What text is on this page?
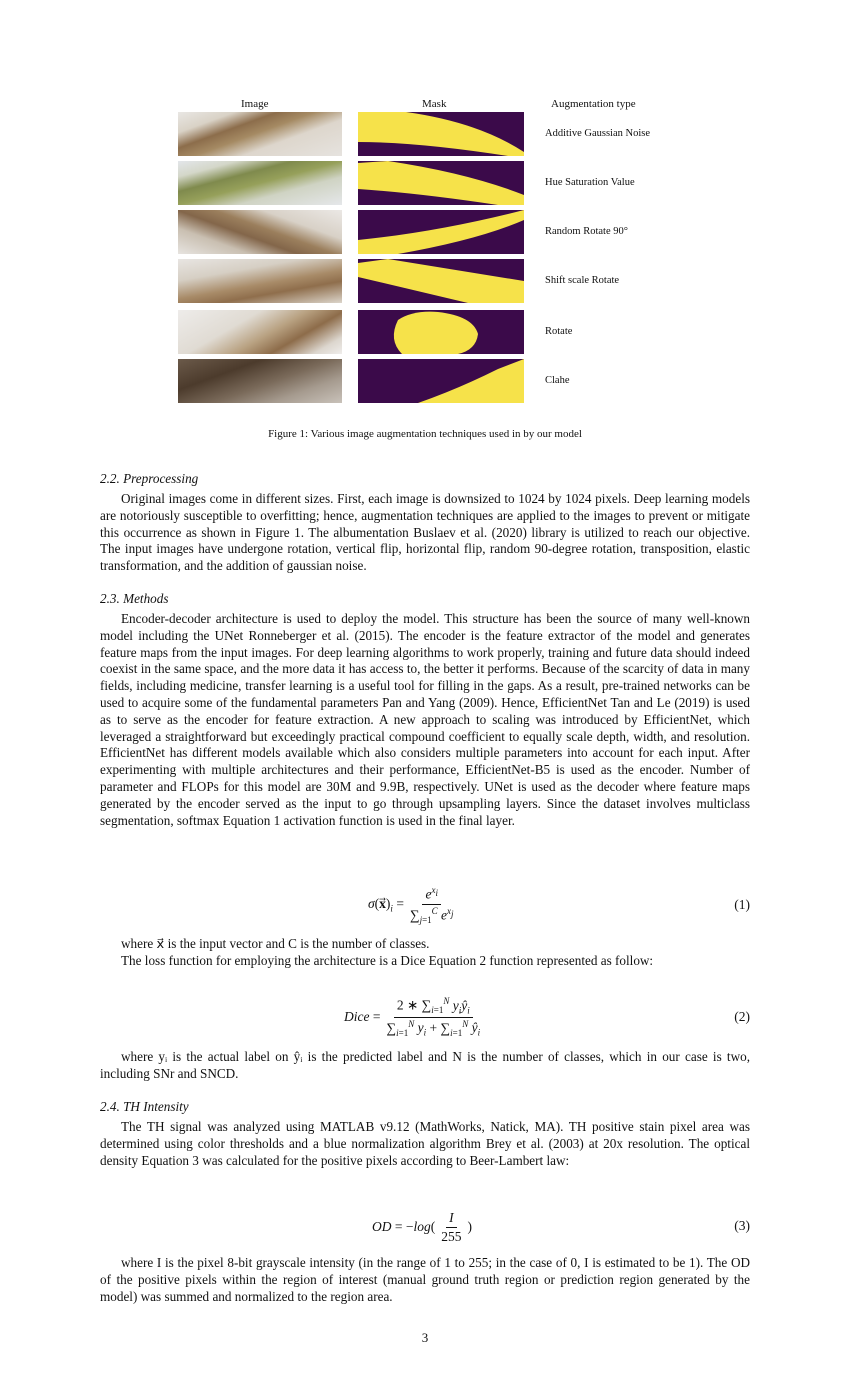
Image	Mask	Augmentation type
Additive Gaussian Noise
Hue Saturation Value
Random Rotate 90°
Shift scale Rotate
Rotate
Clahe
Figure 1: Various image augmentation techniques used in by our model
2.2. Preprocessing
Original images come in different sizes. First, each image is downsized to 1024 by 1024 pixels. Deep learning models are notoriously susceptible to overfitting; hence, augmentation techniques are applied to the images to prevent or mitigate this occurrence as shown in Figure 1. The albumentation Buslaev et al. (2020) library is utilized to reach our objective. The input images have undergone rotation, vertical flip, horizontal flip, random 90-degree rotation, transposition, elastic transformation, and the addition of gaussian noise.
2.3. Methods
Encoder-decoder architecture is used to deploy the model. This structure has been the source of many well-known model including the UNet Ronneberger et al. (2015). The encoder is the feature extractor of the model and generates feature maps from the input images. For deep learning algorithms to work properly, training and future data should indeed coexist in the same space, and the more data it has access to, the better it performs. Because of the scarcity of data in many fields, including medicine, transfer learning is a useful tool for filling in the gaps. As a result, pre-trained networks can be used to acquire some of the fundamental parameters Pan and Yang (2009). Hence, EfficientNet Tan and Le (2019) is used as to serve as the encoder for feature extraction. A new approach to scaling was introduced by EfficientNet, which leveraged a straightforward but exceedingly practical compound coefficient to equally scale depth, width, and resolution. EfficientNet has different models available which also considers multiple parameters into account for each input. After experimenting with multiple architectures and their performance, EfficientNet-B5 is used as the encoder. Number of parameter and FLOPs for this model are 30M and 9.9B, respectively. UNet is used as the decoder where feature maps generated by the encoder served as the input to go through upsampling layers. Since the dataset involves multiclass segmentation, softmax Equation 1 activation function is used in the final layer.
$\sigma(x⃗)_i = \frac{e^{x_i}}{\sum_{j=1}^C e^{x_j}}$	(1)
where x⃗ is the input vector and C is the number of classes.
The loss function for employing the architecture is a Dice Equation 2 function represented as follow:
Dice = $\frac{2 ∗ \sum_{i=1}^N y_iŷ_i}{\sum_{i=1}^N y_i + \sum_{i=1}^N ŷ_i}$	(2)
where yᵢ is the actual label on ŷᵢ is the predicted label and N is the number of classes, which in our case is two, including SNr and SNCD.
2.4. TH Intensity
The TH signal was analyzed using MATLAB v9.12 (MathWorks, Natick, MA). TH positive stain pixel area was determined using color thresholds and a blue normalization algorithm Brey et al. (2003) at 20x resolution. The optical density Equation 3 was calculated for the positive pixels according to Beer-Lambert law:
OD = $-\log( \frac{I}{255}$ )	(3)
where I is the pixel 8-bit grayscale intensity (in the range of 1 to 255; in the case of 0, I is estimated to be 1). The OD of the positive pixels within the region of interest (manual ground truth region or prediction region generated by the model) was summed and normalized to the region area.
3
